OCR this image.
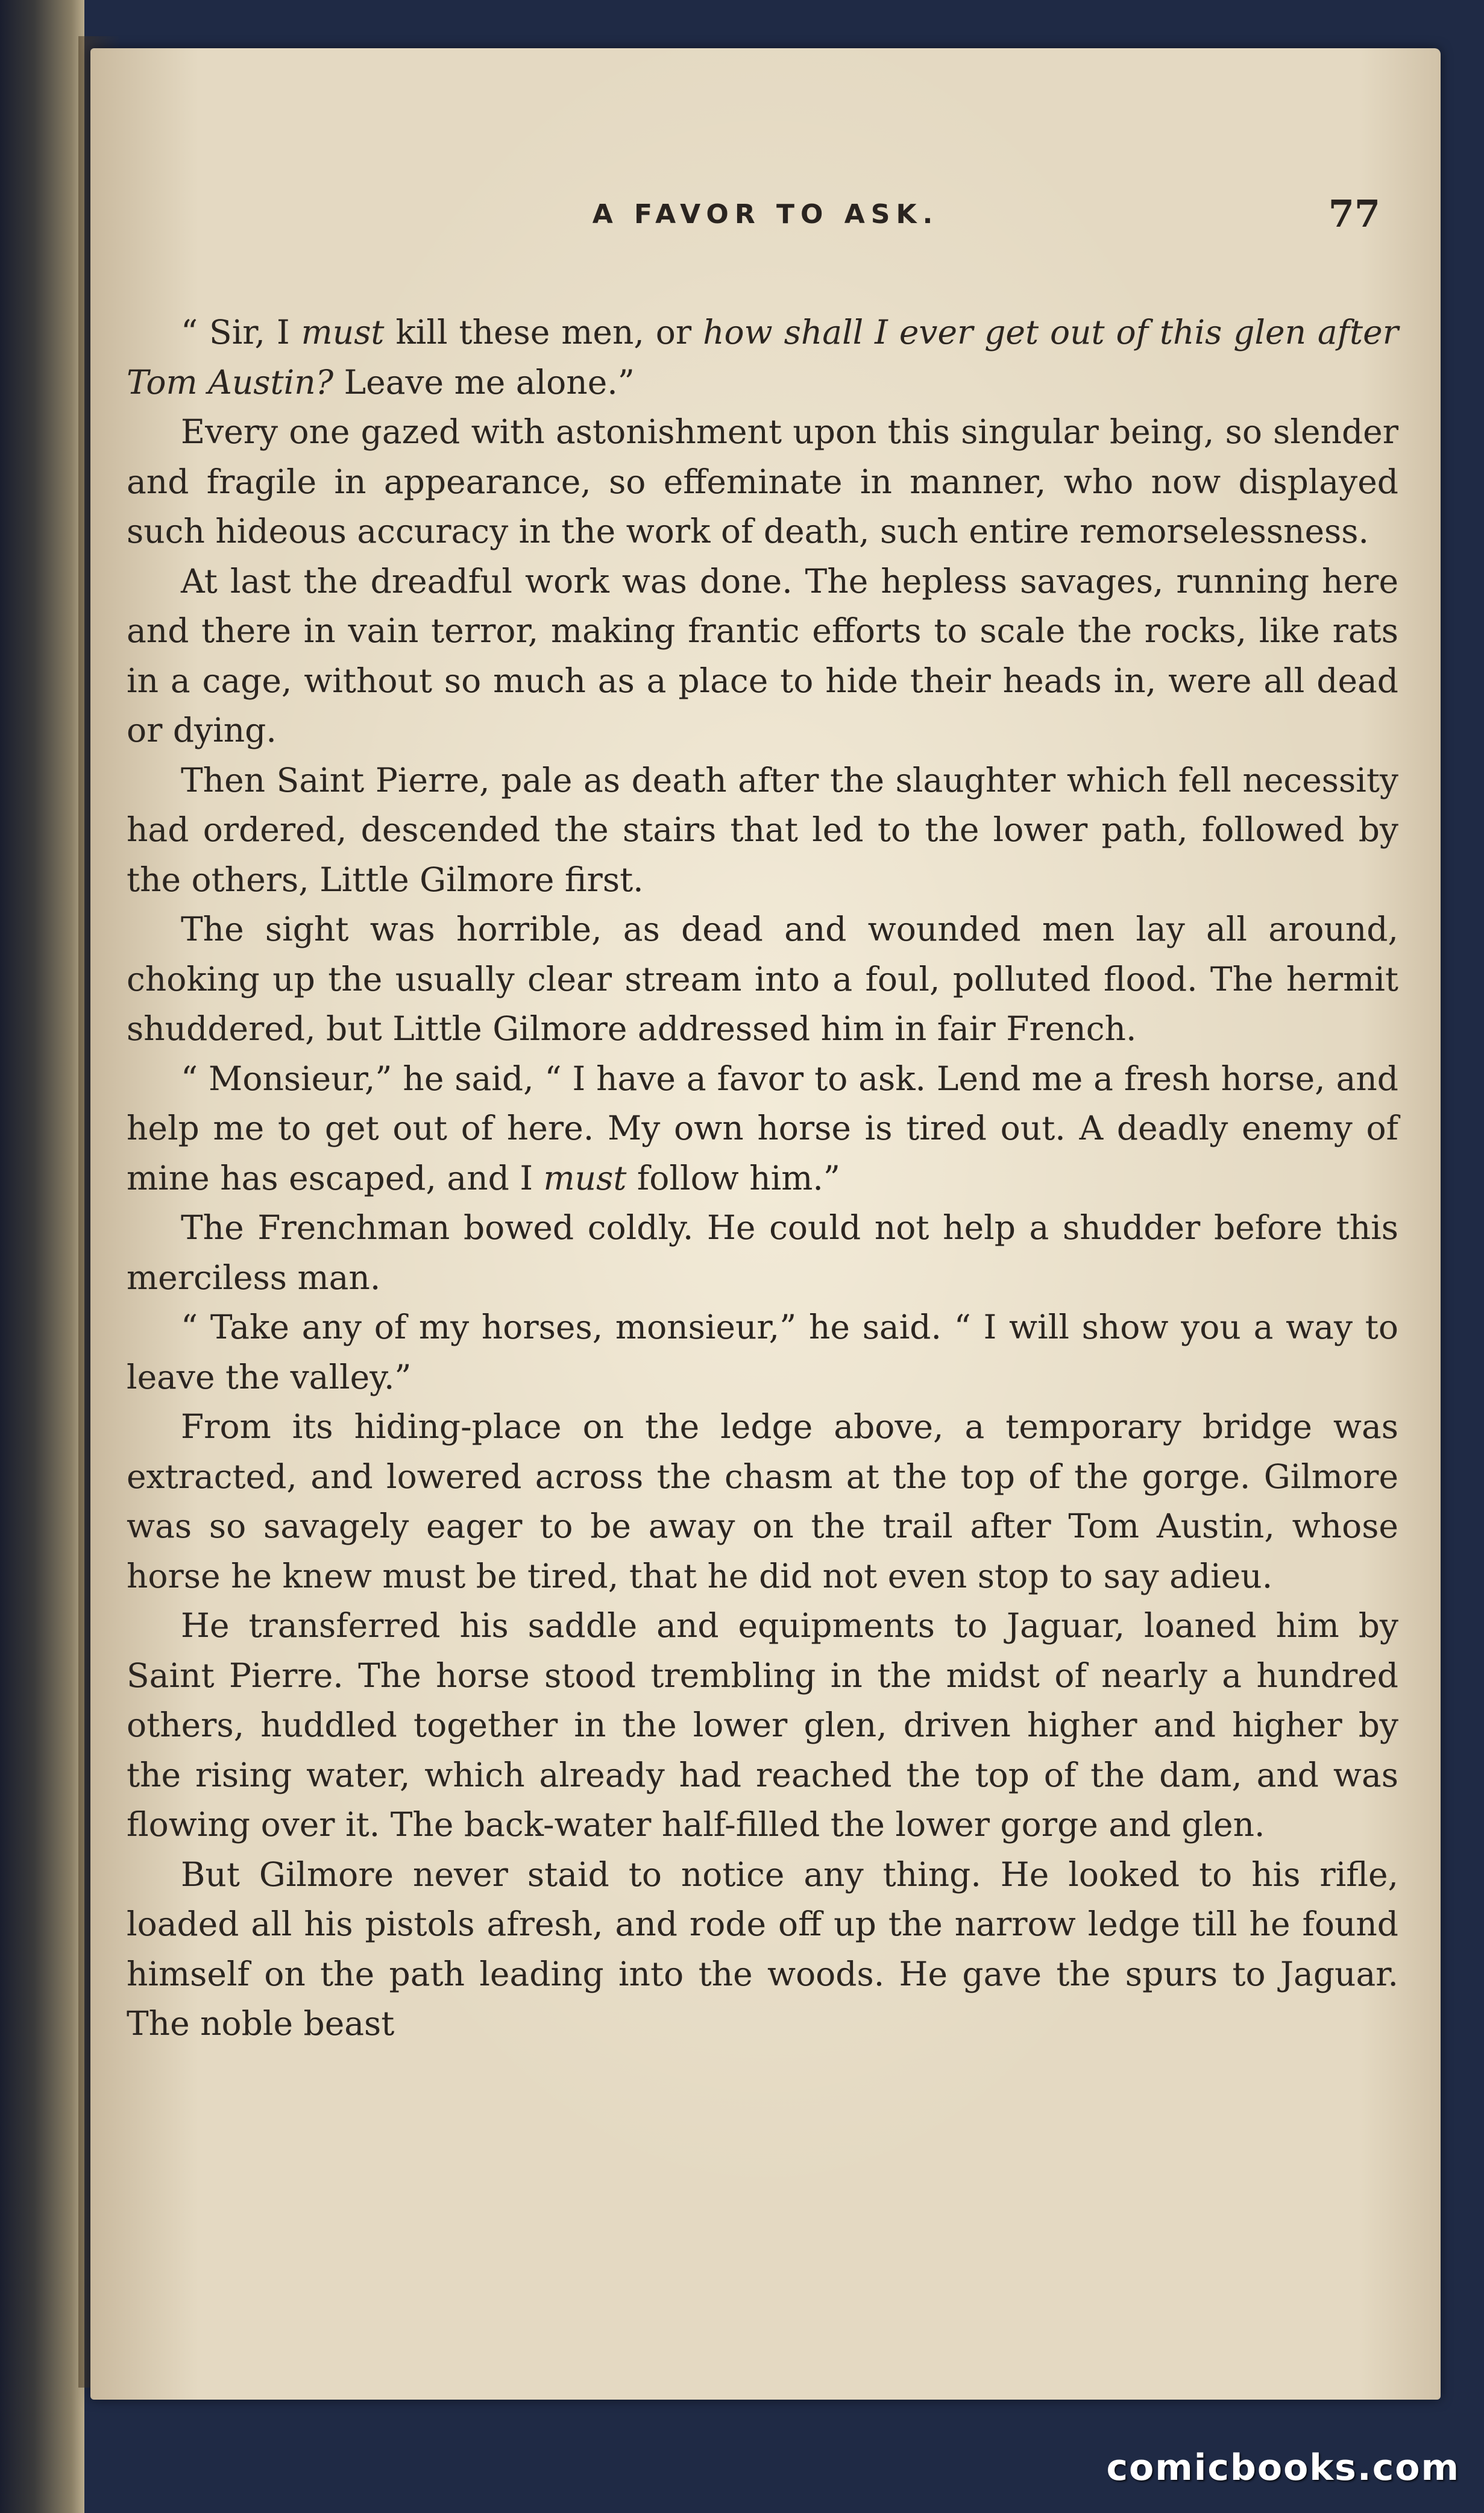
A FAVOR TO ASK.	77

“ Sir, I must kill these men, or how shall I ever get out of this glen after Tom Austin? Leave me alone.”

Every one gazed with astonishment upon this singular being, so slender and fragile in appearance, so effeminate in manner, who now displayed such hideous accuracy in the work of death, such entire remorselessness.

At last the dreadful work was done. The hepless savages, running here and there in vain terror, making frantic efforts to scale the rocks, like rats in a cage, without so much as a place to hide their heads in, were all dead or dying.

Then Saint Pierre, pale as death after the slaughter which fell necessity had ordered, descended the stairs that led to the lower path, followed by the others, Little Gilmore first.

The sight was horrible, as dead and wounded men lay all around, choking up the usually clear stream into a foul, polluted flood. The hermit shuddered, but Little Gilmore addressed him in fair French.

“ Monsieur,” he said, “ I have a favor to ask. Lend me a fresh horse, and help me to get out of here. My own horse is tired out. A deadly enemy of mine has escaped, and I must follow him.”

The Frenchman bowed coldly. He could not help a shudder before this merciless man.

“ Take any of my horses, monsieur,” he said. “ I will show you a way to leave the valley.”

From its hiding-place on the ledge above, a temporary bridge was extracted, and lowered across the chasm at the top of the gorge. Gilmore was so savagely eager to be away on the trail after Tom Austin, whose horse he knew must be tired, that he did not even stop to say adieu.

He transferred his saddle and equipments to Jaguar, loaned him by Saint Pierre. The horse stood trembling in the midst of nearly a hundred others, huddled together in the lower glen, driven higher and higher by the rising water, which already had reached the top of the dam, and was flowing over it. The back-water half-filled the lower gorge and glen.

But Gilmore never staid to notice any thing. He looked to his rifle, loaded all his pistols afresh, and rode off up the narrow ledge till he found himself on the path leading into the woods. He gave the spurs to Jaguar. The noble beast

comicbooks.com
